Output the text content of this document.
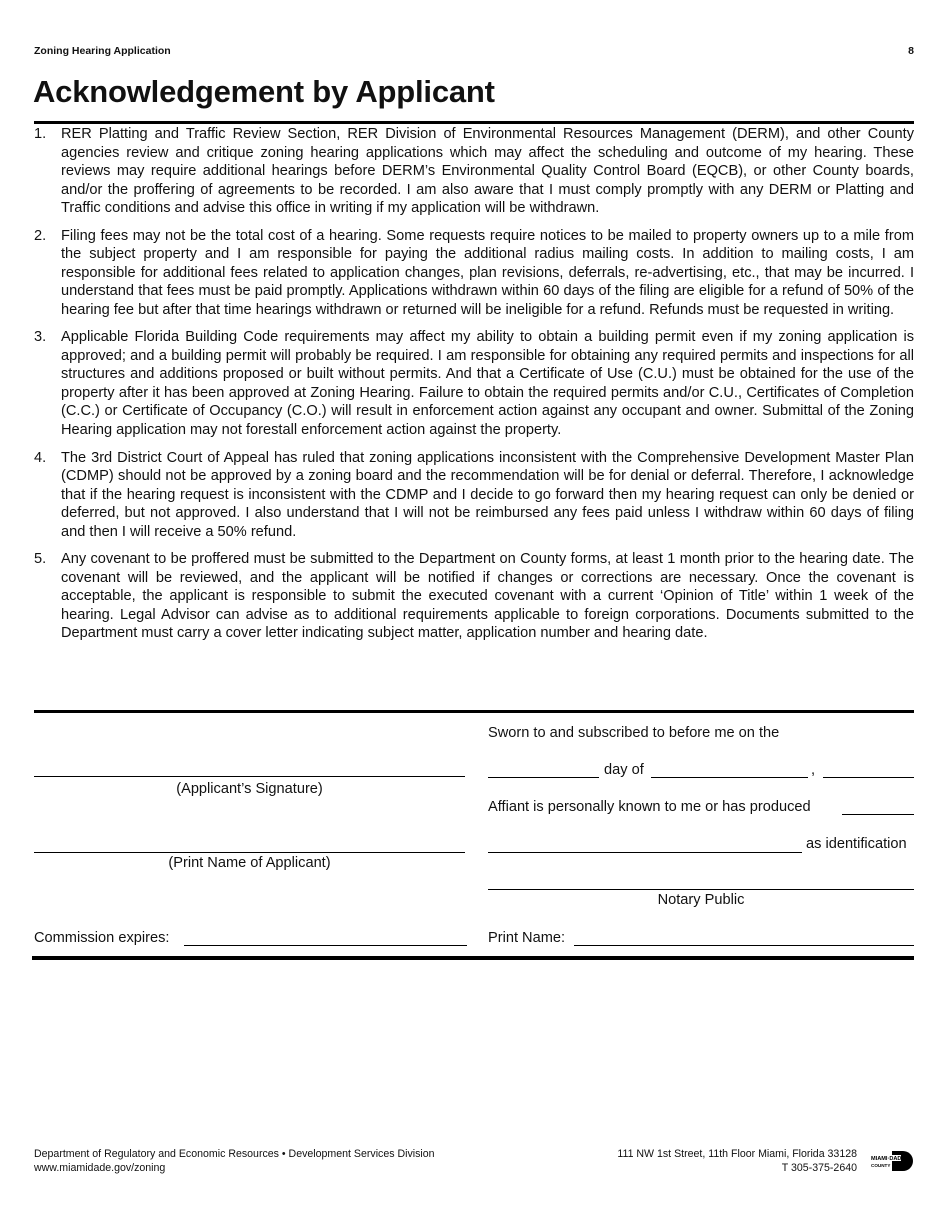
Zoning Hearing Application	8
Acknowledgement by Applicant
1. RER Platting and Traffic Review Section, RER Division of Environmental Resources Management (DERM), and other County agencies review and critique zoning hearing applications which may affect the scheduling and outcome of my hearing. These reviews may require additional hearings before DERM’s Environmental Quality Control Board (EQCB), or other County boards, and/or the proffering of agreements to be recorded. I am also aware that I must comply promptly with any DERM or Platting and Traffic conditions and advise this office in writing if my application will be withdrawn.
2. Filing fees may not be the total cost of a hearing. Some requests require notices to be mailed to property owners up to a mile from the subject property and I am responsible for paying the additional radius mailing costs. In addition to mailing costs, I am responsible for additional fees related to application changes, plan revisions, deferrals, re-advertising, etc., that may be incurred. I understand that fees must be paid promptly. Applications withdrawn within 60 days of the filing are eligible for a refund of 50% of the hearing fee but after that time hearings withdrawn or returned will be ineligible for a refund. Refunds must be requested in writing.
3. Applicable Florida Building Code requirements may affect my ability to obtain a building permit even if my zoning application is approved; and a building permit will probably be required. I am responsible for obtaining any required permits and inspections for all structures and additions proposed or built without permits. And that a Certificate of Use (C.U.) must be obtained for the use of the property after it has been approved at Zoning Hearing. Failure to obtain the required permits and/or C.U., Certificates of Completion (C.C.) or Certificate of Occupancy (C.O.) will result in enforcement action against any occupant and owner. Submittal of the Zoning Hearing application may not forestall enforcement action against the property.
4. The 3rd District Court of Appeal has ruled that zoning applications inconsistent with the Comprehensive Development Master Plan (CDMP) should not be approved by a zoning board and the recommendation will be for denial or deferral. Therefore, I acknowledge that if the hearing request is inconsistent with the CDMP and I decide to go forward then my hearing request can only be denied or deferred, but not approved. I also understand that I will not be reimbursed any fees paid unless I withdraw within 60 days of filing and then I will receive a 50% refund.
5. Any covenant to be proffered must be submitted to the Department on County forms, at least 1 month prior to the hearing date. The covenant will be reviewed, and the applicant will be notified if changes or corrections are necessary. Once the covenant is acceptable, the applicant is responsible to submit the executed covenant with a current ‘Opinion of Title’ within 1 week of the hearing. Legal Advisor can advise as to additional requirements applicable to foreign corporations. Documents submitted to the Department must carry a cover letter indicating subject matter, application number and hearing date.
(Applicant’s Signature)
(Print Name of Applicant)
Commission expires:
Sworn to and subscribed to before me on the
day of	,
Affiant is personally known to me or has produced
as identification
Notary Public
Print Name:
Department of Regulatory and Economic Resources • Development Services Division
www.miamidade.gov/zoning
111 NW 1st Street, 11th Floor Miami, Florida 33128
T 305-375-2640
MIAMI·DADE
COUNTY
